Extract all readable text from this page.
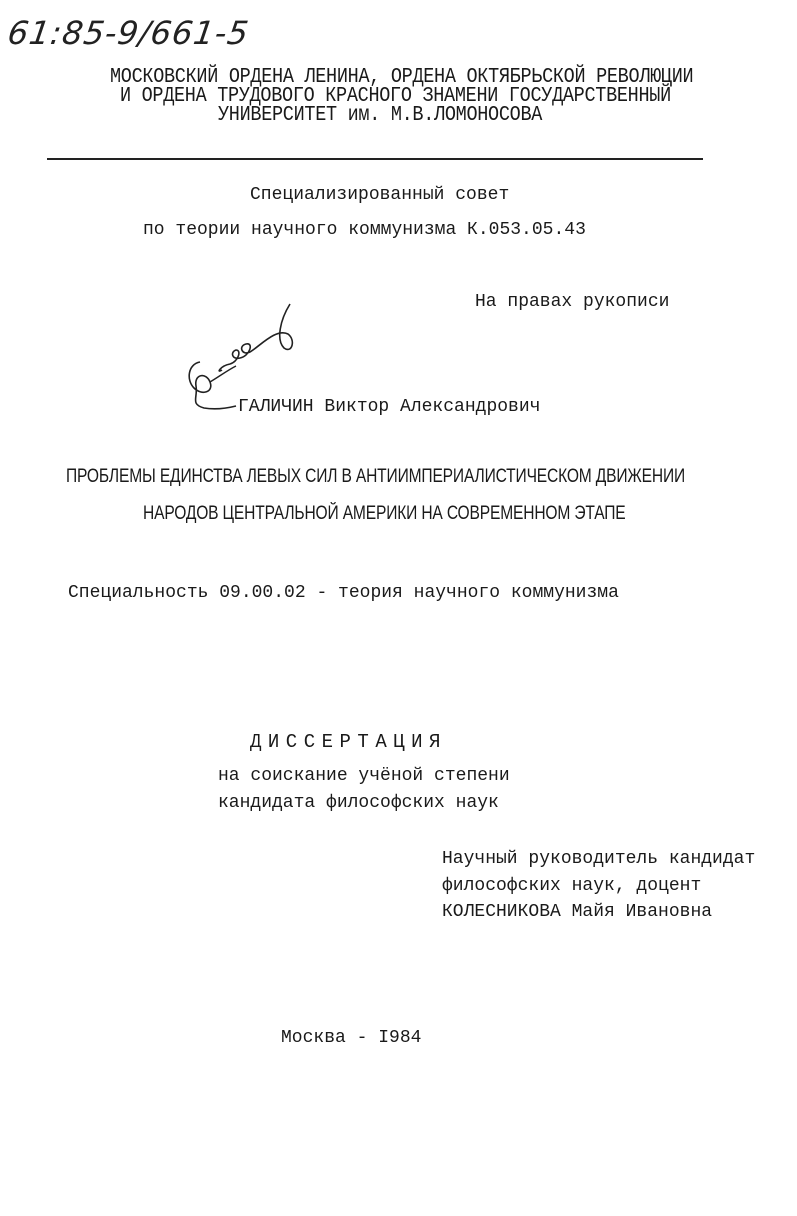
61:85-9/661-5
МОСКОВСКИЙ ОРДЕНА ЛЕНИНА, ОРДЕНА ОКТЯБРЬСКОЙ РЕВОЛЮЦИИ
И ОРДЕНА ТРУДОВОГО КРАСНОГО ЗНАМЕНИ ГОСУДАРСТВЕННЫЙ
УНИВЕРСИТЕТ им. М.В.ЛОМОНОСОВА
Специализированный совет
по теории научного коммунизма К.053.05.43
На правах рукописи
ГАЛИЧИН Виктор Александрович
ПРОБЛЕМЫ ЕДИНСТВА ЛЕВЫХ СИЛ В АНТИИМПЕРИАЛИСТИЧЕСКОМ ДВИЖЕНИИ
НАРОДОВ ЦЕНТРАЛЬНОЙ АМЕРИКИ НА СОВРЕМЕННОМ ЭТАПЕ
Специальность 09.00.02 - теория научного коммунизма
ДИССЕРТАЦИЯ
на соискание учёной степени
кандидата философских наук
Научный руководитель кандидат
философских наук, доцент
КОЛЕСНИКОВА Майя Ивановна
Москва - I984
